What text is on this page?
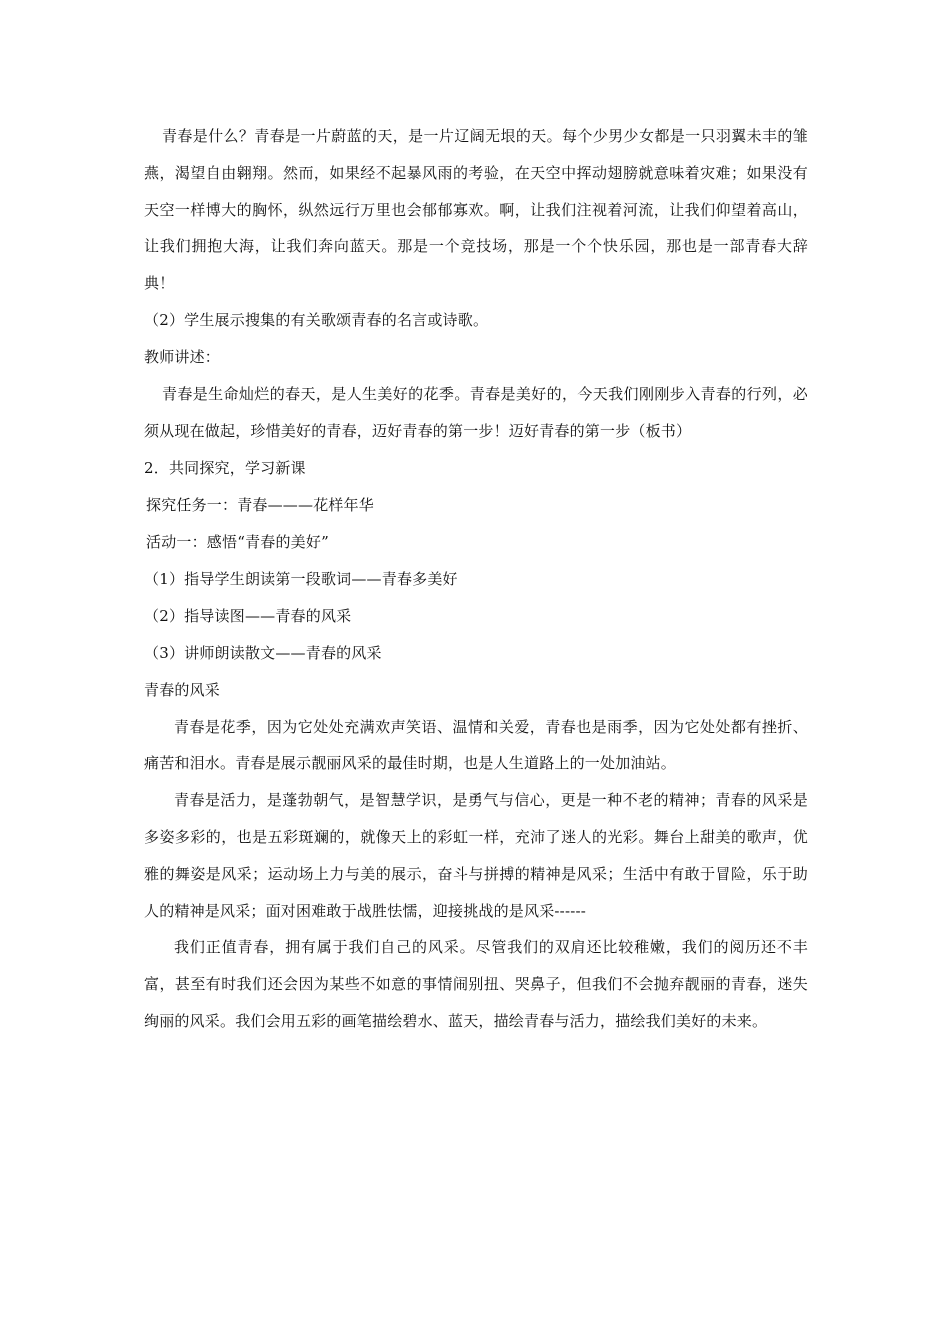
青春是什么？青春是一片蔚蓝的天，是一片辽阔无垠的天。每个少男少女都是一只羽翼未丰的雏燕，渴望自由翱翔。然而，如果经不起暴风雨的考验，在天空中挥动翅膀就意味着灾难；如果没有天空一样博大的胸怀，纵然远行万里也会郁郁寡欢。啊，让我们注视着河流，让我们仰望着高山，让我们拥抱大海，让我们奔向蓝天。那是一个竞技场，那是一个个快乐园，那也是一部青春大辞典！

（2）学生展示搜集的有关歌颂青春的名言或诗歌。

教师讲述：

青春是生命灿烂的春天，是人生美好的花季。青春是美好的，今天我们刚刚步入青春的行列，必须从现在做起，珍惜美好的青春，迈好青春的第一步！迈好青春的第一步（板书）

2．共同探究，学习新课

探究任务一：青春———花样年华

活动一：感悟“青春的美好”

（1）指导学生朗读第一段歌词——青春多美好

（2）指导读图——青春的风采

（3）讲师朗读散文——青春的风采

青春的风采

青春是花季，因为它处处充满欢声笑语、温情和关爱，青春也是雨季，因为它处处都有挫折、痛苦和泪水。青春是展示靓丽风采的最佳时期，也是人生道路上的一处加油站。

青春是活力，是蓬勃朝气，是智慧学识，是勇气与信心，更是一种不老的精神；青春的风采是多姿多彩的，也是五彩斑斓的，就像天上的彩虹一样，充沛了迷人的光彩。舞台上甜美的歌声，优雅的舞姿是风采；运动场上力与美的展示，奋斗与拼搏的精神是风采；生活中有敢于冒险，乐于助人的精神是风采；面对困难敢于战胜怯懦，迎接挑战的是风采------

我们正值青春，拥有属于我们自己的风采。尽管我们的双肩还比较稚嫩，我们的阅历还不丰富，甚至有时我们还会因为某些不如意的事情闹别扭、哭鼻子，但我们不会抛弃靓丽的青春，迷失绚丽的风采。我们会用五彩的画笔描绘碧水、蓝天，描绘青春与活力，描绘我们美好的未来。
